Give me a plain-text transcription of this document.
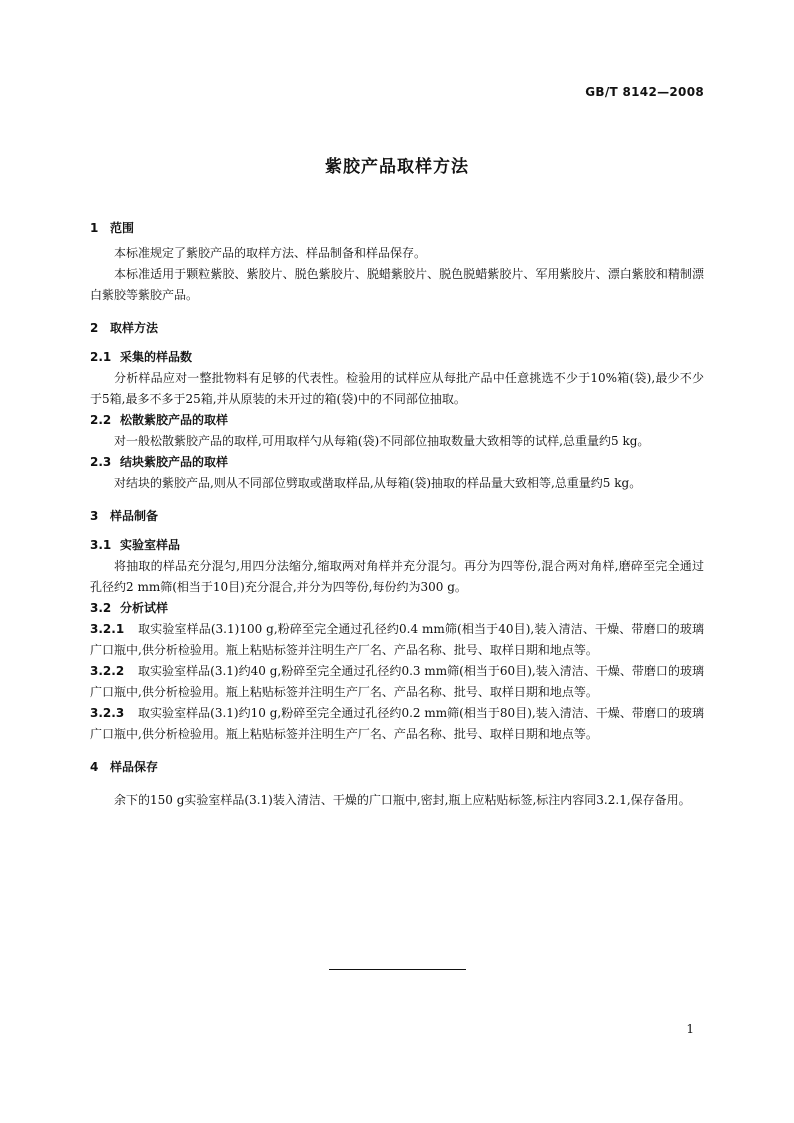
GB/T 8142—2008
紫胶产品取样方法
1 范围
本标准规定了紫胶产品的取样方法、样品制备和样品保存。
本标准适用于颗粒紫胶、紫胶片、脱色紫胶片、脱蜡紫胶片、脱色脱蜡紫胶片、军用紫胶片、漂白紫胶和精制漂白紫胶等紫胶产品。
2 取样方法
2.1 采集的样品数
分析样品应对一整批物料有足够的代表性。检验用的试样应从每批产品中任意挑选不少于10%箱(袋),最少不少于5箱,最多不多于25箱,并从原装的未开过的箱(袋)中的不同部位抽取。
2.2 松散紫胶产品的取样
对一般松散紫胶产品的取样,可用取样勺从每箱(袋)不同部位抽取数量大致相等的试样,总重量约5 kg。
2.3 结块紫胶产品的取样
对结块的紫胶产品,则从不同部位劈取或凿取样品,从每箱(袋)抽取的样品量大致相等,总重量约5 kg。
3 样品制备
3.1 实验室样品
将抽取的样品充分混匀,用四分法缩分,缩取两对角样并充分混匀。再分为四等份,混合两对角样,磨碎至完全通过孔径约2 mm筛(相当于10目)充分混合,并分为四等份,每份约为300 g。
3.2 分析试样
3.2.1 取实验室样品(3.1)100 g,粉碎至完全通过孔径约0.4 mm筛(相当于40目),装入清洁、干燥、带磨口的玻璃广口瓶中,供分析检验用。瓶上粘贴标签并注明生产厂名、产品名称、批号、取样日期和地点等。
3.2.2 取实验室样品(3.1)约40 g,粉碎至完全通过孔径约0.3 mm筛(相当于60目),装入清洁、干燥、带磨口的玻璃广口瓶中,供分析检验用。瓶上粘贴标签并注明生产厂名、产品名称、批号、取样日期和地点等。
3.2.3 取实验室样品(3.1)约10 g,粉碎至完全通过孔径约0.2 mm筛(相当于80目),装入清洁、干燥、带磨口的玻璃广口瓶中,供分析检验用。瓶上粘贴标签并注明生产厂名、产品名称、批号、取样日期和地点等。
4 样品保存
余下的150 g实验室样品(3.1)装入清洁、干燥的广口瓶中,密封,瓶上应粘贴标签,标注内容同3.2.1,保存备用。
1
